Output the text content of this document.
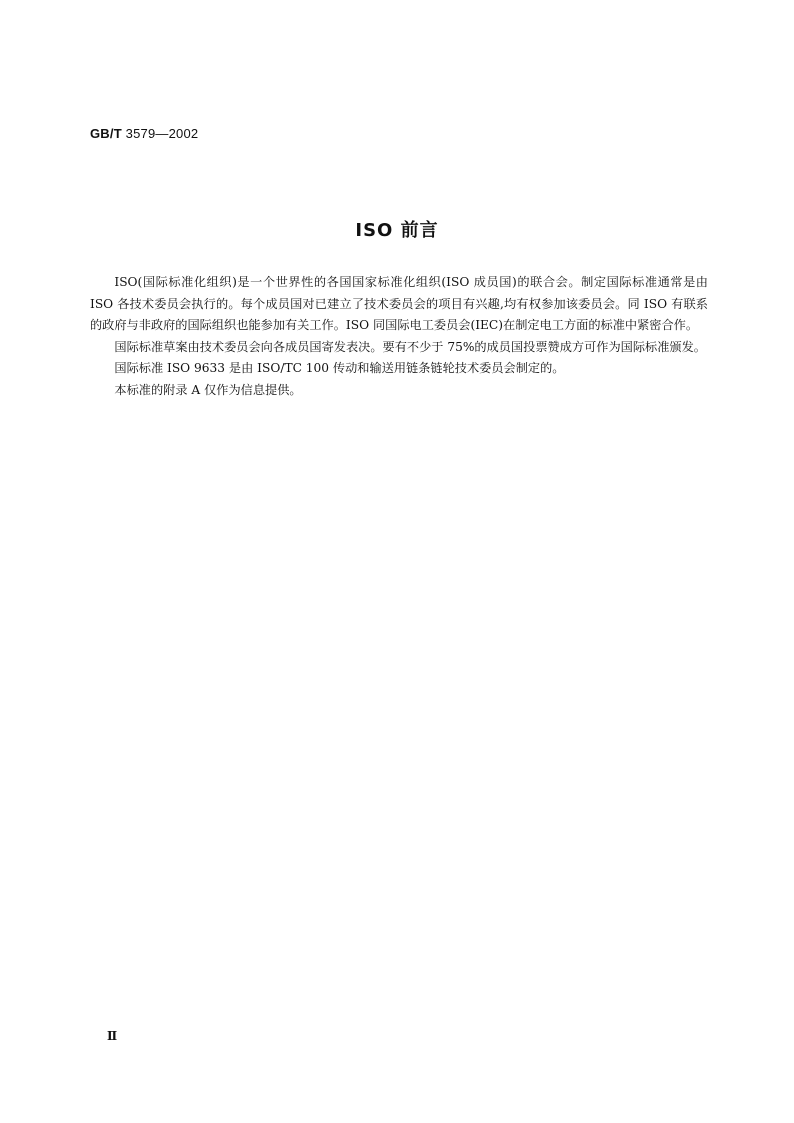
GB/T 3579—2002
ISO 前言

ISO(国际标准化组织)是一个世界性的各国国家标准化组织(ISO 成员国)的联合会。制定国际标准通常是由 ISO 各技术委员会执行的。每个成员国对已建立了技术委员会的项目有兴趣,均有权参加该委员会。同 ISO 有联系的政府与非政府的国际组织也能参加有关工作。ISO 同国际电工委员会(IEC)在制定电工方面的标准中紧密合作。

国际标准草案由技术委员会向各成员国寄发表决。要有不少于 75%的成员国投票赞成方可作为国际标准颁发。

国际标准 ISO 9633 是由 ISO/TC 100 传动和输送用链条链轮技术委员会制定的。

本标准的附录 A 仅作为信息提供。

Ⅱ
